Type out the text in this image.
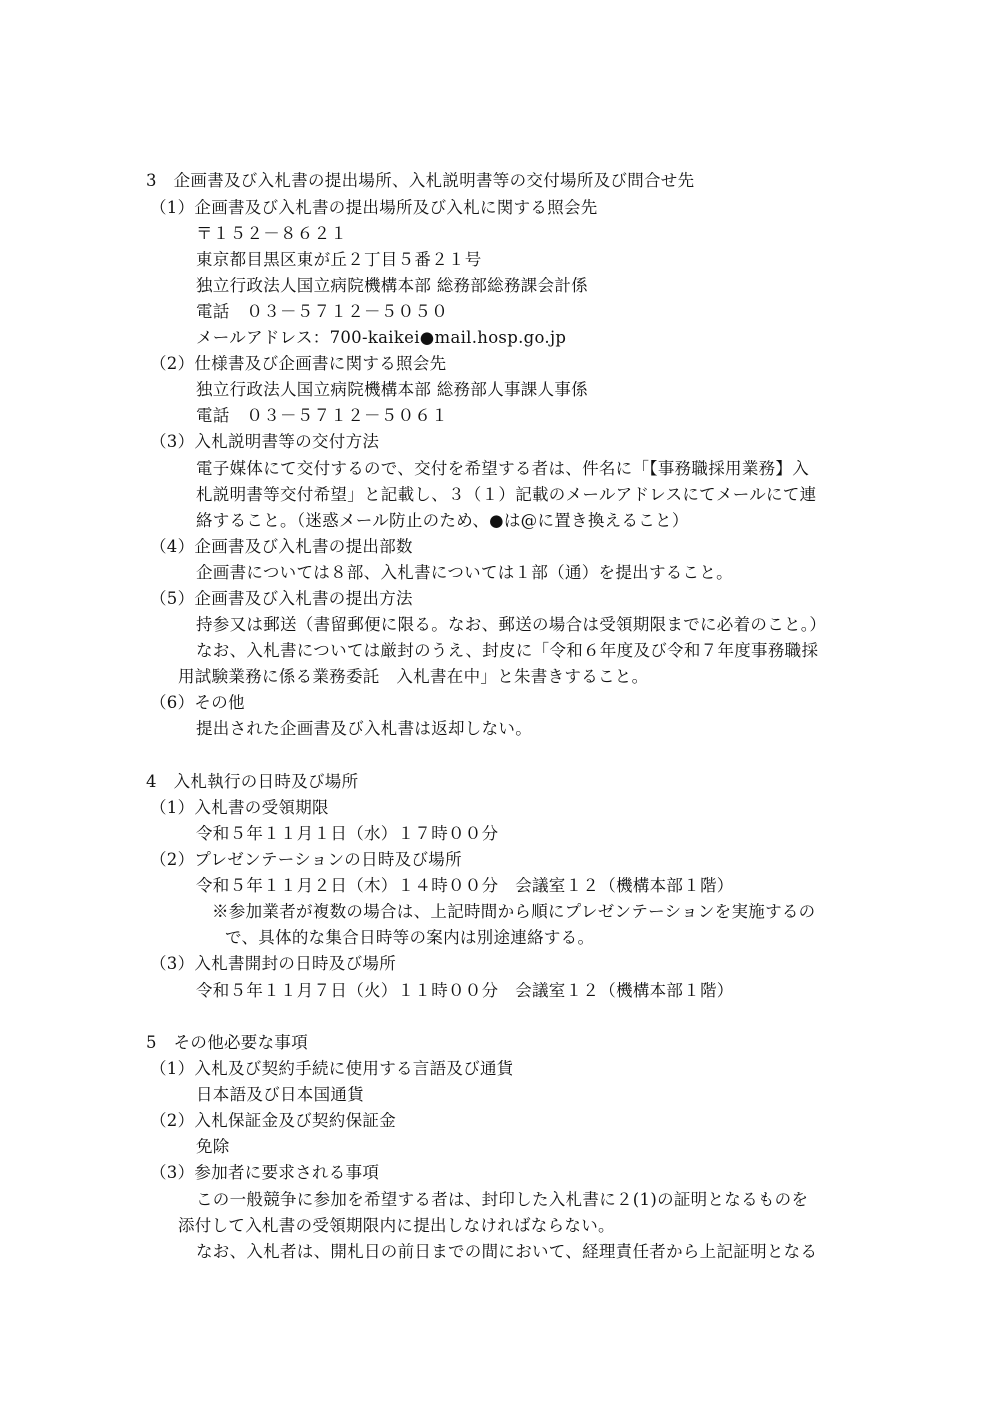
3　企画書及び入札書の提出場所、入札説明書等の交付場所及び問合せ先
（1）企画書及び入札書の提出場所及び入札に関する照会先
〒１５２－８６２１
東京都目黒区東が丘２丁目５番２１号
独立行政法人国立病院機構本部 総務部総務課会計係
電話　０３－５７１２－５０５０
メールアドレス：700-kaikei●mail.hosp.go.jp
（2）仕様書及び企画書に関する照会先
独立行政法人国立病院機構本部 総務部人事課人事係
電話　０３－５７１２－５０６１
（3）入札説明書等の交付方法
電子媒体にて交付するので、交付を希望する者は、件名に「【事務職採用業務】入
札説明書等交付希望」と記載し、３（１）記載のメールアドレスにてメールにて連
絡すること。（迷惑メール防止のため、●は@に置き換えること）
（4）企画書及び入札書の提出部数
企画書については８部、入札書については１部（通）を提出すること。
（5）企画書及び入札書の提出方法
持参又は郵送（書留郵便に限る。なお、郵送の場合は受領期限までに必着のこと。）
なお、入札書については厳封のうえ、封皮に「令和６年度及び令和７年度事務職採
用試験業務に係る業務委託　入札書在中」と朱書きすること。
（6）その他
提出された企画書及び入札書は返却しない。
4　入札執行の日時及び場所
（1）入札書の受領期限
令和５年１１月１日（水）１７時００分
（2）プレゼンテーションの日時及び場所
令和５年１１月２日（木）１４時００分　会議室１２（機構本部１階）
※参加業者が複数の場合は、上記時間から順にプレゼンテーションを実施するの
で、具体的な集合日時等の案内は別途連絡する。
（3）入札書開封の日時及び場所
令和５年１１月７日（火）１１時００分　会議室１２（機構本部１階）
5　その他必要な事項
（1）入札及び契約手続に使用する言語及び通貨
日本語及び日本国通貨
（2）入札保証金及び契約保証金
免除
（3）参加者に要求される事項
この一般競争に参加を希望する者は、封印した入札書に２(1)の証明となるものを
添付して入札書の受領期限内に提出しなければならない。
なお、入札者は、開札日の前日までの間において、経理責任者から上記証明となる
